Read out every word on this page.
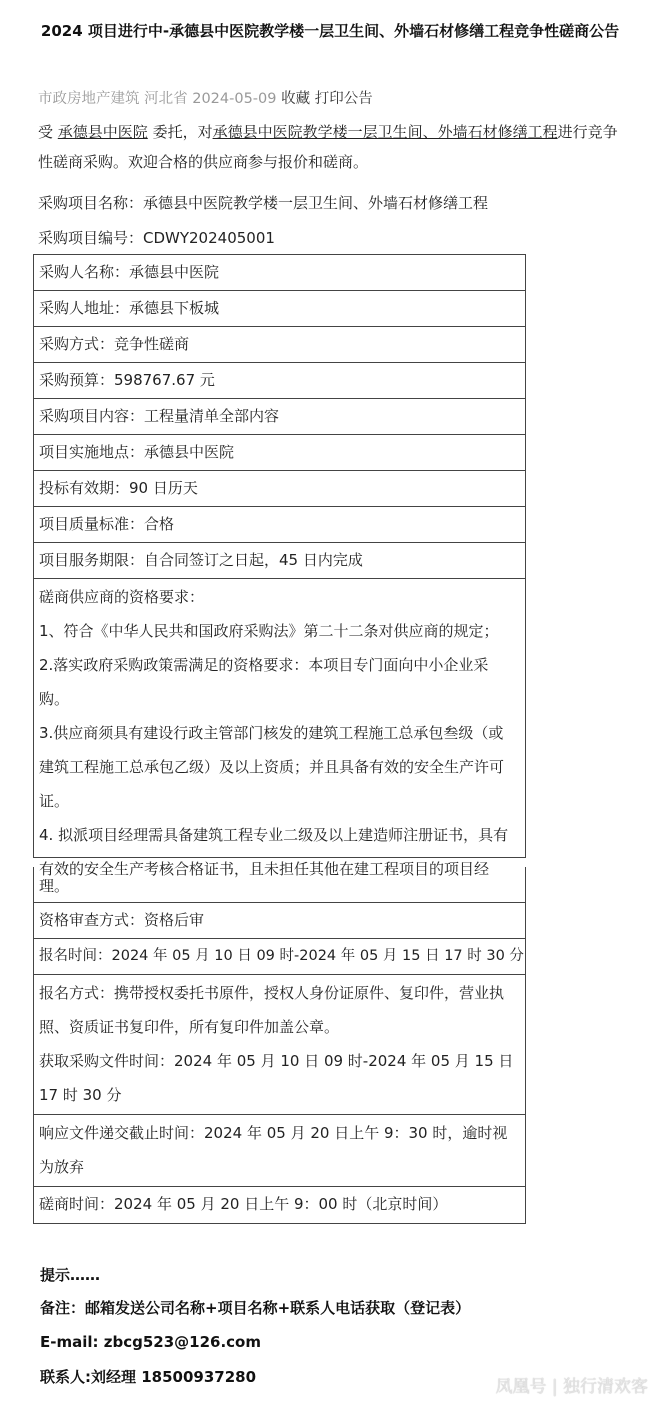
2024 项目进行中-承德县中医院教学楼一层卫生间、外墙石材修缮工程竞争性磋商公告
市政房地产建筑 河北省 2024-05-09 收藏 打印公告
受 承德县中医院 委托，对承德县中医院教学楼一层卫生间、外墙石材修缮工程进行竞争性磋商采购。欢迎合格的供应商参与报价和磋商。
采购项目名称：承德县中医院教学楼一层卫生间、外墙石材修缮工程
采购项目编号：CDWY202405001
采购人名称：承德县中医院
采购人地址：承德县下板城
采购方式：竞争性磋商
采购预算：598767.67 元
采购项目内容：工程量清单全部内容
项目实施地点：承德县中医院
投标有效期：90 日历天
项目质量标准：合格
项目服务期限：自合同签订之日起，45 日内完成

磋商供应商的资格要求：

1、符合《中华人民共和国政府采购法》第二十二条对供应商的规定；

2.落实政府采购政策需满足的资格要求：本项目专门面向中小企业采购。

3.供应商须具有建设行政主管部门核发的建筑工程施工总承包叁级（或建筑工程施工总承包乙级）及以上资质；并且具备有效的安全生产许可证。

4. 拟派项目经理需具备建筑工程专业二级及以上建造师注册证书，具有有效的安全生产考核合格证书，且未担任其他在建工程项目的项目经

理。
资格审查方式：资格后审
报名时间：2024 年 05 月 10 日 09 时-2024 年 05 月 15 日 17 时 30 分

报名方式：携带授权委托书原件，授权人身份证原件、复印件，营业执照、资质证书复印件，所有复印件加盖公章。

获取采购文件时间：2024 年 05 月 10 日 09 时-2024 年 05 月 15 日 17 时 30 分

响应文件递交截止时间：2024 年 05 月 20 日上午 9：30 时，逾时视为放弃
磋商时间：2024 年 05 月 20 日上午 9：00 时（北京时间）
提示……
备注：邮箱发送公司名称+项目名称+联系人电话获取（登记表）
E-mail: zbcg523@126.com
联系人:刘经理 18500937280	凤凰号 | 独行清欢客
